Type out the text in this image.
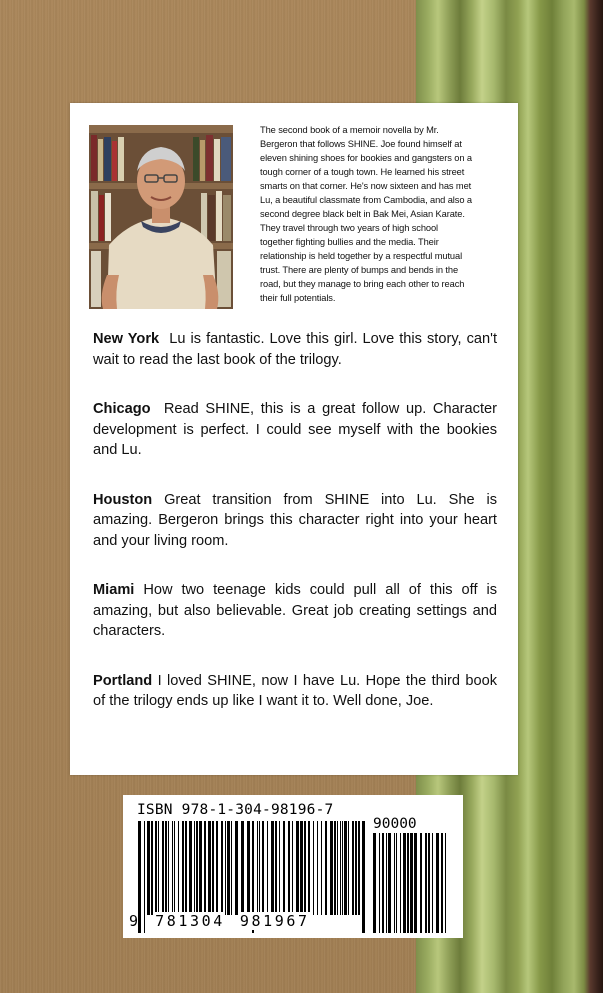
The second book of a memoir novella by Mr.
Bergeron that follows SHINE. Joe found himself at
eleven shining shoes for bookies and gangsters on a
tough corner of a tough town. He learned his street
smarts on that corner. He's now sixteen and has met
Lu, a beautiful classmate from Cambodia, and also a
second degree black belt in Bak Mei, Asian Karate.
They travel through two years of high school
together fighting bullies and the media. Their
relationship is held together by a respectful mutual
trust. There are plenty of bumps and bends in the
road, but they manage to bring each other to reach
their full potentials.
New York Lu is fantastic. Love this girl. Love this story, can't wait to read the last book of the trilogy.
Chicago Read SHINE, this is a great follow up. Character development is perfect. I could see myself with the bookies and Lu.
Houston Great transition from SHINE into Lu. She is amazing. Bergeron brings this character right into your heart and your living room.
Miami How two teenage kids could pull all of this off is amazing, but also believable. Great job creating settings and characters.
Portland I loved SHINE, now I have Lu. Hope the third book of the trilogy ends up like I want it to. Well done, Joe.
ISBN 978-1-304-98196-7
90000
9 781304 981967
